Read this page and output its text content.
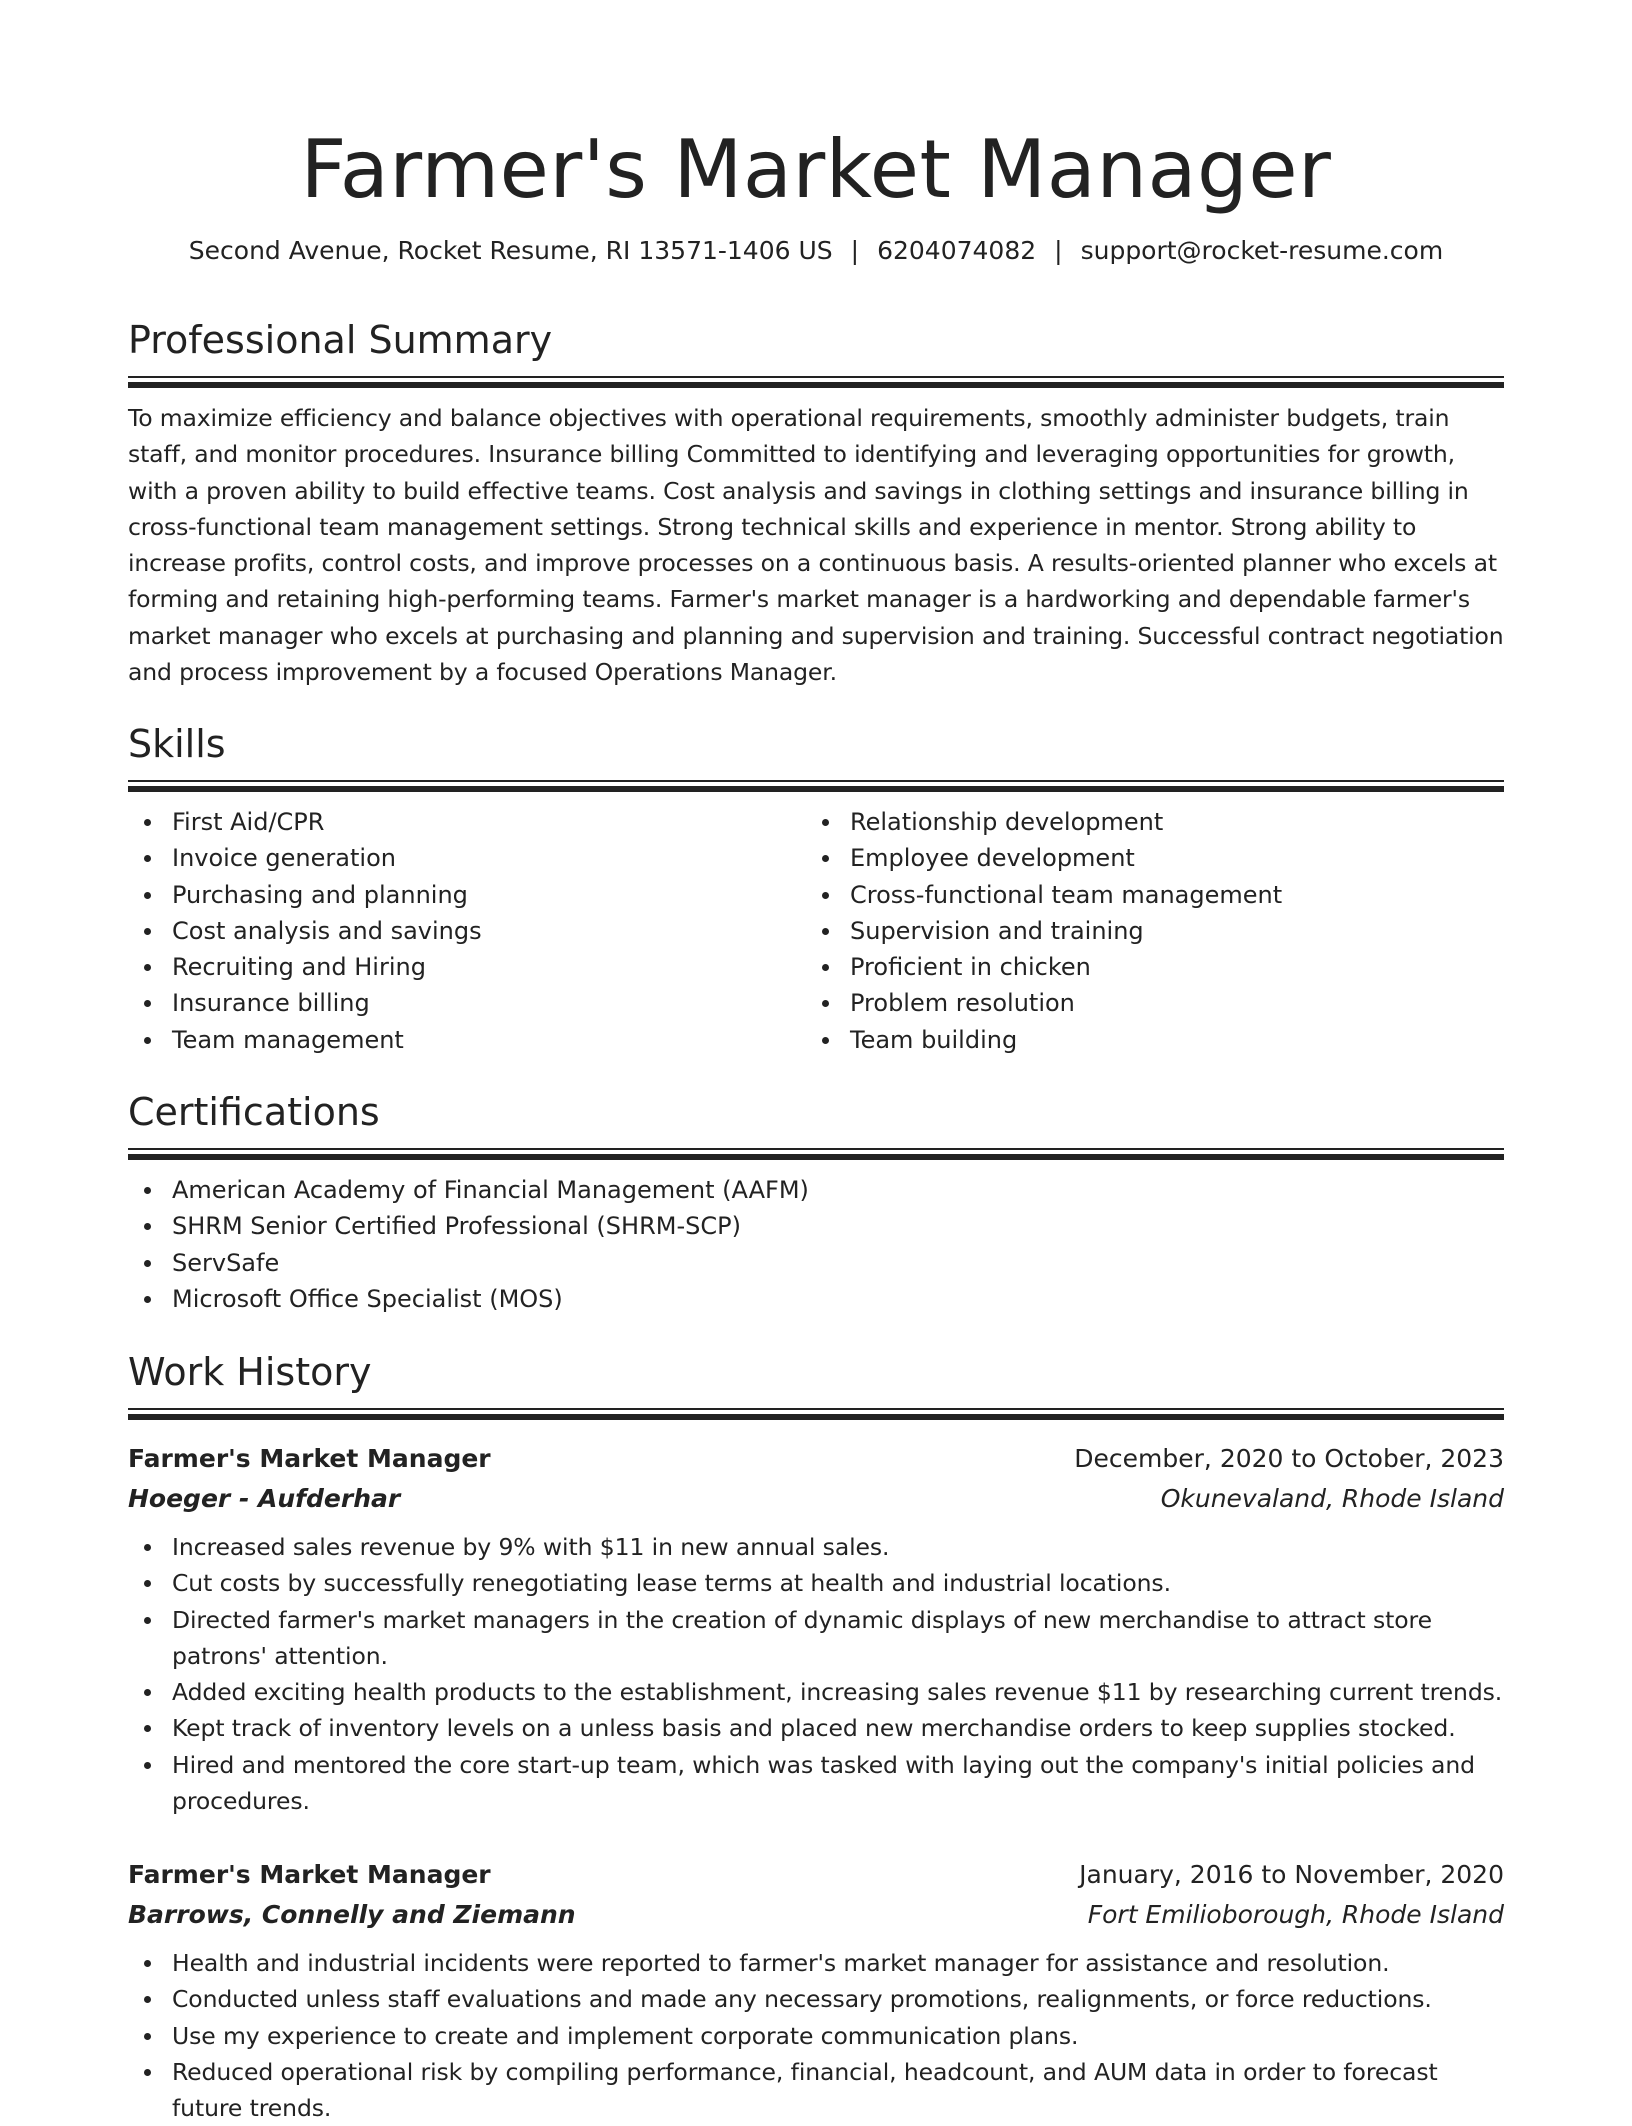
Farmer's Market Manager
Second Avenue, Rocket Resume, RI 13571-1406 US | 6204074082 | support@rocket-resume.com
Professional Summary

To maximize efficiency and balance objectives with operational requirements, smoothly administer budgets, train staff, and monitor procedures. Insurance billing Committed to identifying and leveraging opportunities for growth, with a proven ability to build effective teams. Cost analysis and savings in clothing settings and insurance billing in cross-functional team management settings. Strong technical skills and experience in mentor. Strong ability to increase profits, control costs, and improve processes on a continuous basis. A results-oriented planner who excels at forming and retaining high-performing teams. Farmer's market manager is a hardworking and dependable farmer's market manager who excels at purchasing and planning and supervision and training. Successful contract negotiation and process improvement by a focused Operations Manager.

Skills
First Aid/CPR
Invoice generation
Purchasing and planning
Cost analysis and savings
Recruiting and Hiring
Insurance billing
Team management
Relationship development
Employee development
Cross-functional team management
Supervision and training
Proficient in chicken
Problem resolution
Team building
Certifications
American Academy of Financial Management (AAFM)
SHRM Senior Certified Professional (SHRM-SCP)
ServSafe
Microsoft Office Specialist (MOS)
Work History
Farmer's Market Manager	December, 2020 to October, 2023
Hoeger - Aufderhar	Okunevaland, Rhode Island
Increased sales revenue by 9% with $11 in new annual sales.
Cut costs by successfully renegotiating lease terms at health and industrial locations.
Directed farmer's market managers in the creation of dynamic displays of new merchandise to attract store patrons' attention.
Added exciting health products to the establishment, increasing sales revenue $11 by researching current trends.
Kept track of inventory levels on a unless basis and placed new merchandise orders to keep supplies stocked.
Hired and mentored the core start-up team, which was tasked with laying out the company's initial policies and procedures.
Farmer's Market Manager	January, 2016 to November, 2020
Barrows, Connelly and Ziemann	Fort Emilioborough, Rhode Island
Health and industrial incidents were reported to farmer's market manager for assistance and resolution.
Conducted unless staff evaluations and made any necessary promotions, realignments, or force reductions.
Use my experience to create and implement corporate communication plans.
Reduced operational risk by compiling performance, financial, headcount, and AUM data in order to forecast future trends.
